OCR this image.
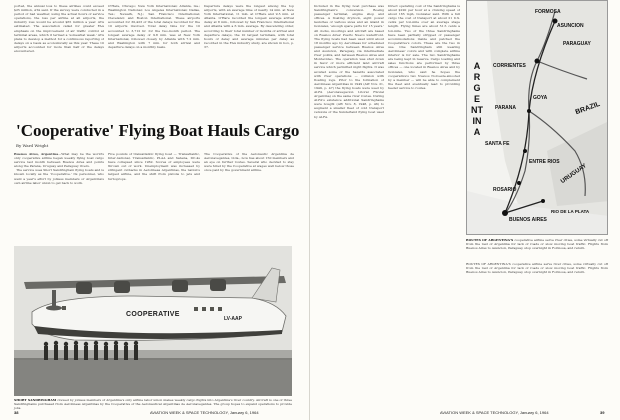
ported, the annual loss to these airlines could exceed $25 million, ATA said. If the survey were conducted in a period of bad weather, using the actual hours of service operations, the loss per airline at all airports, the industry loss would be around $65 million a year. ATA estimated. The association called for greater FAA emphasis on the improvement of air traffic control at terminal areas, which it termed a 'somewhat weak.' ATA plans to develop a method for a continuous reporting of delays on a basis as economically as this year. These 10 airports accounted for more than half of the delays encountered.
O'Hare, Chicago; New York International; Atlanta, Ga.; Washington National; Los Angeles International; Dallas, Tex.; Newark, N.J.; San Francisco International; Cleveland; and Boston International. These airports accounted for 30,423 of the total delays recorded for the 10 airports involved. Total delay time for the 10 accounted to 3,712 hr. for the two-month period. The longest average delay of 9.8 min. was at New York International, followed closely by Atlanta with 7.2 min. and Washington with 7 min. for both arrival and departure delays on a monthly basis.
Departure delays were the longest among the top airports, with an average time of nearly 14 min. at New York International, 11 min. at O'Hare and 9.5 min. at Atlanta. O'Hare recorded the longest average arrival delay at 8 min., followed by San Francisco International and Atlanta with a 6 min. average. By descending order, according to their total number of months of arrival and departure delays, the 10 largest terminals, with total hours of delay and average minutes per delay as recorded in the FAA industry study, are shown in box, p. 37.
'Cooperative' Flying Boat Hauls Cargo
By Ward Wright
Buenos Aires, Argentina—What may be the world's only cooperative airline began weekly flying boat cargo service last month between Buenos Aires and points along the Parana, Uruguay and Paraguay rivers.
The service uses Short Sandringham flying boats and is known locally as the 'Cooperative.' Its personnel, who went a year's effort by jobless members or Argentina's own airline labor union to get back to work.
Five pounds of transatlantic flying boat — Transatlantic, Inter-national, Transatlantic, PLAA and Sabena, DC-4s have collapsed since 1962. Scores of employees were thrown out of work. Unemployment was increased by stringent cutbacks in Aerolineas Argentinas, the nation's largest airline, and the shift from pistons to jets and turboprops.
The Cooperative of the Aeronautic Argentina de Aeronavegantes, Ltda., now has about 150 members and an eye on further routes. Several who decided to stay were hired by the Cooperative at wages well below those once paid by the government airline.
COOPERATIVE
LV-AAP
SHORT SANDRINGHAM crewed by jobless members of Argentina's only airline labor union makes weekly cargo flights into Argentina's river country. Aircraft is one of three Sandringhams purchased from Aerolineas Argentinas by the Cooperative of the Aeronautical Argentinas de Aeronavegantes. The group hopes to expand operations to provide jobs.
38	AVIATION WEEK & SPACE TECHNOLOGY, January 6, 1964
Included in the flying boat purchase was Sandringham's conversion. Boeing passenger terminal, engine shop and offices. A floating drydock, eight power launches of various sizes and an island in Gonzalez, 'enough spare parts for 15 years.' All docks, moorings and aircraft are based on Buenos Aires' Puerto Nuevo waterfront. The flying boats had been used until about 18 months ago by Aerolineas for scheduled passenger service between Buenos Aires and Asuncion, Paraguay, via intermediate river points, and between Buenos Aires and Montevideo. The operation was shut down in favor of more efficient land aircraft service which permitted night flights. It was avoided some of the hazards associated with river operations — collision with floating logs. Prior to the formation of Aerolineas Argentinas in 1949 (AW Nov. 21, 1949, p. 47) the flying boats were used by ALFA (Aeronavegacion Litoral Fluvial Argentina) on the same river routes. During ALFA's existence additional Sandringhams were bought (AW Nov. 8, 1948, p. 46) to augment a smaller fleet of cold transport versions of the Sunderland flying boat used by ALFA.
Direct operating cost of the Sandringhams is about $220 per hour at a cruising speed of about 165 mph, Gonzalez said. With a full cargo the cost of transport at about 21 U.S. cents per ton-mile over an average stage length. Flying times are about 51.5 cents a ton-mile. Two of the three Sandringhams have been partially stripped of passenger accommodations inside and patched the Cooperative's colors. These are the two in use. One Sandringham still wearing Aerolineas' colors and with complete airline interior is for sale. The two Sandringhams are being kept in reserve. Cargo loading and sales functions are performed by three offices — one located in Buenos Aires and by Gonzalez, who said he hopes the cooperative's two Nuevos Noroeste-smooted by a member — will be able to complement the fleet and eventually lead to providing feeder service to routes.
FORMOSA
ASUNCION
PARAGUAY
CORRIENTES
PARANA
GOYA
SANTA FE
ENTRE RIOS
BRAZIL
URUGUAY
ROSARIO
BUENOS AIRES
RIO DE LA PLATA
ARGENTINA
ROUTES OF ARGENTINA'S cooperative airline serve river cities, some virtually cut off from the rest of Argentina for lack of roads or slow moving boat traffic. Flights from Buenos Aires to Asuncion, Paraguay, stop overnight in Formosa, and return.
ROUTES OF ARGENTINA'S cooperative airline serve river cities, some virtually cut off from the rest of Argentina for lack of roads or slow moving boat traffic. Flights from Buenos Aires to Asuncion, Paraguay, stop overnight in Formosa, and return.
AVIATION WEEK & SPACE TECHNOLOGY, January 6, 1964	39
